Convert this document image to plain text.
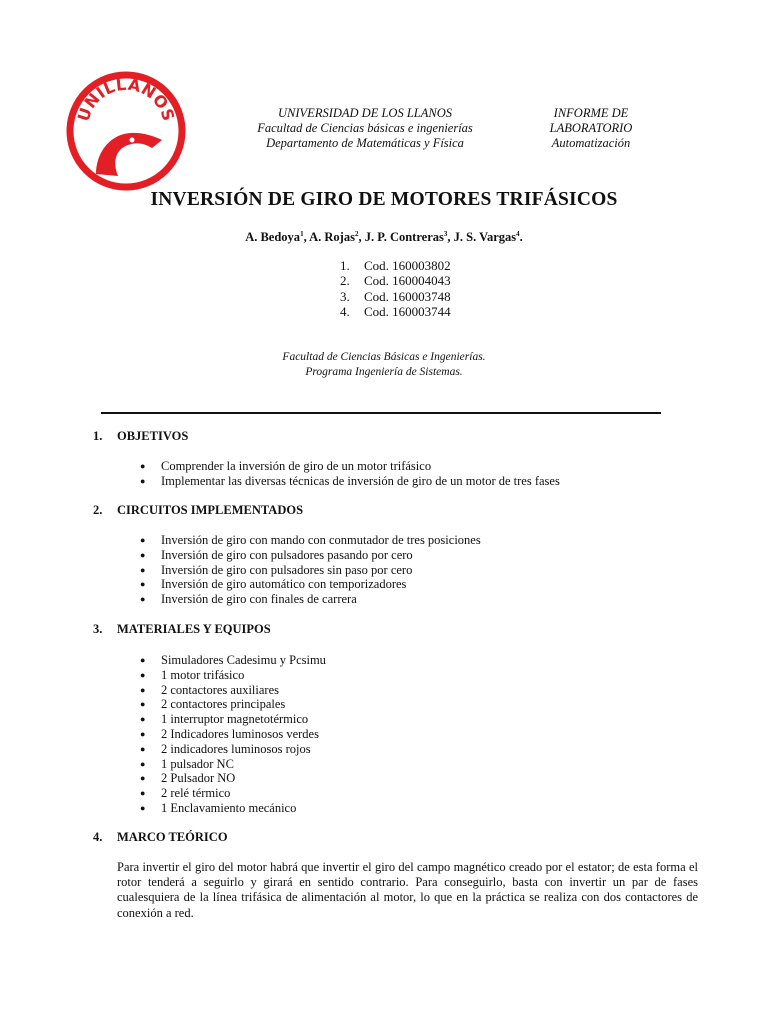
UNILLANOS	UNIVERSIDAD DE LOS LLANOS
Facultad de Ciencias básicas e ingenierías
Departamento de Matemáticas y Física
INFORME DE
LABORATORIO
Automatización
INVERSIÓN DE GIRO DE MOTORES TRIFÁSICOS
A. Bedoya$^1$, A. Rojas$^2$, J. P. Contreras$^3$, J. S. Vargas$^4$.
1. Cod. 160003802
2. Cod. 160004043
3. Cod. 160003748
4. Cod. 160003744
Facultad de Ciencias Básicas e Ingenierías.
Programa Ingeniería de Sistemas.
1. OBJETIVOS
● Comprender la inversión de giro de un motor trifásico
● Implementar las diversas técnicas de inversión de giro de un motor de tres fases
2. CIRCUITOS IMPLEMENTADOS
● Inversión de giro con mando con conmutador de tres posiciones
● Inversión de giro con pulsadores pasando por cero
● Inversión de giro con pulsadores sin paso por cero
● Inversión de giro automático con temporizadores
● Inversión de giro con finales de carrera
3. MATERIALES Y EQUIPOS
● Simuladores Cadesimu y Pcsimu
● 1 motor trifásico
● 2 contactores auxiliares
● 2 contactores principales
● 1 interruptor magnetotérmico
● 2 Indicadores luminosos verdes
● 2 indicadores luminosos rojos
● 1 pulsador NC
● 2 Pulsador NO
● 2 relé térmico
● 1 Enclavamiento mecánico
4. MARCO TEÓRICO
Para invertir el giro del motor habrá que invertir el giro del campo magnético creado por el estator; de esta forma el rotor tenderá a seguirlo y girará en sentido contrario. Para conseguirlo, basta con invertir un par de fases cualesquiera de la línea trifásica de alimentación al motor, lo que en la práctica se realiza con dos contactores de conexión a red.
